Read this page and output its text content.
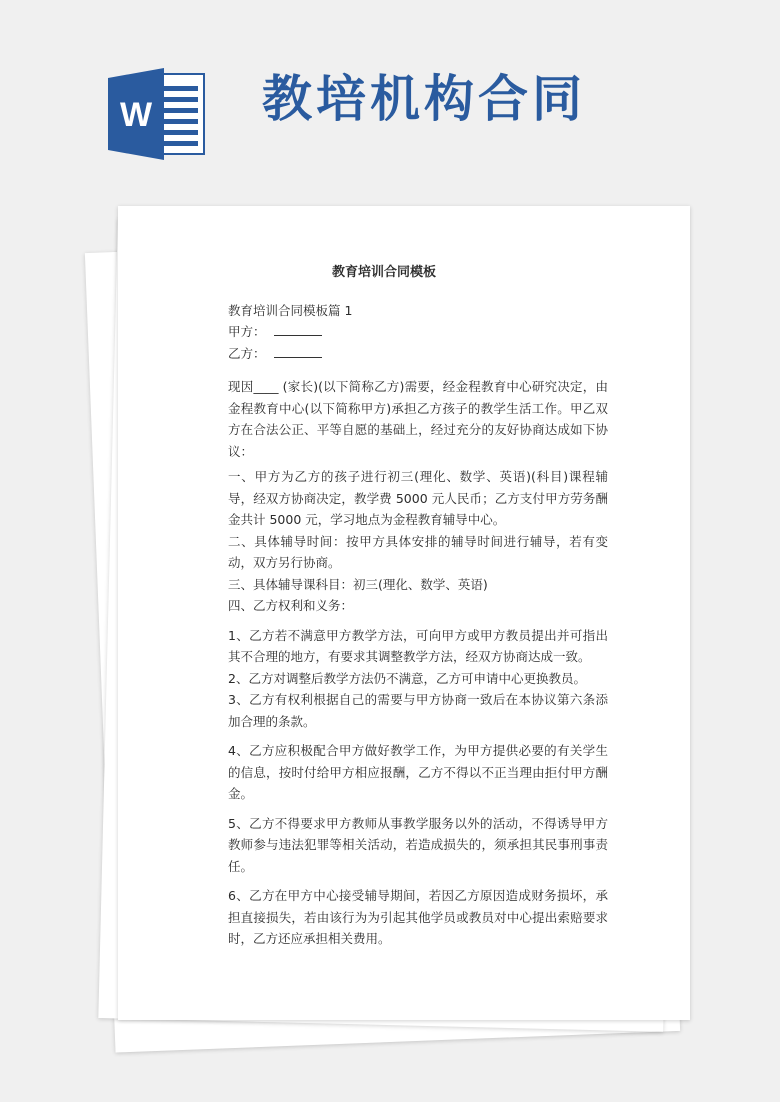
W 教培机构合同

教育培训合同模板

教育培训合同模板篇 1

甲方：

乙方：

现因____ (家长)(以下简称乙方)需要，经金程教育中心研究决定，由金程教育中心(以下简称甲方)承担乙方孩子的教学生活工作。甲乙双方在合法公正、平等自愿的基础上，经过充分的友好协商达成如下协议：

一、甲方为乙方的孩子进行初三(理化、数学、英语)(科目)课程辅导，经双方协商决定，教学费 5000 元人民币；乙方支付甲方劳务酬金共计 5000 元，学习地点为金程教育辅导中心。

二、具体辅导时间：按甲方具体安排的辅导时间进行辅导，若有变动，双方另行协商。

三、具体辅导课科目：初三(理化、数学、英语)

四、乙方权利和义务：

1、乙方若不满意甲方教学方法，可向甲方或甲方教员提出并可指出其不合理的地方，有要求其调整教学方法，经双方协商达成一致。

2、乙方对调整后教学方法仍不满意，乙方可申请中心更换教员。

3、乙方有权利根据自己的需要与甲方协商一致后在本协议第六条添加合理的条款。

4、乙方应积极配合甲方做好教学工作，为甲方提供必要的有关学生的信息，按时付给甲方相应报酬，乙方不得以不正当理由拒付甲方酬金。

5、乙方不得要求甲方教师从事教学服务以外的活动，不得诱导甲方教师参与违法犯罪等相关活动，若造成损失的，须承担其民事刑事责任。

6、乙方在甲方中心接受辅导期间，若因乙方原因造成财务损坏，承担直接损失，若由该行为为引起其他学员或教员对中心提出索赔要求时，乙方还应承担相关费用。
